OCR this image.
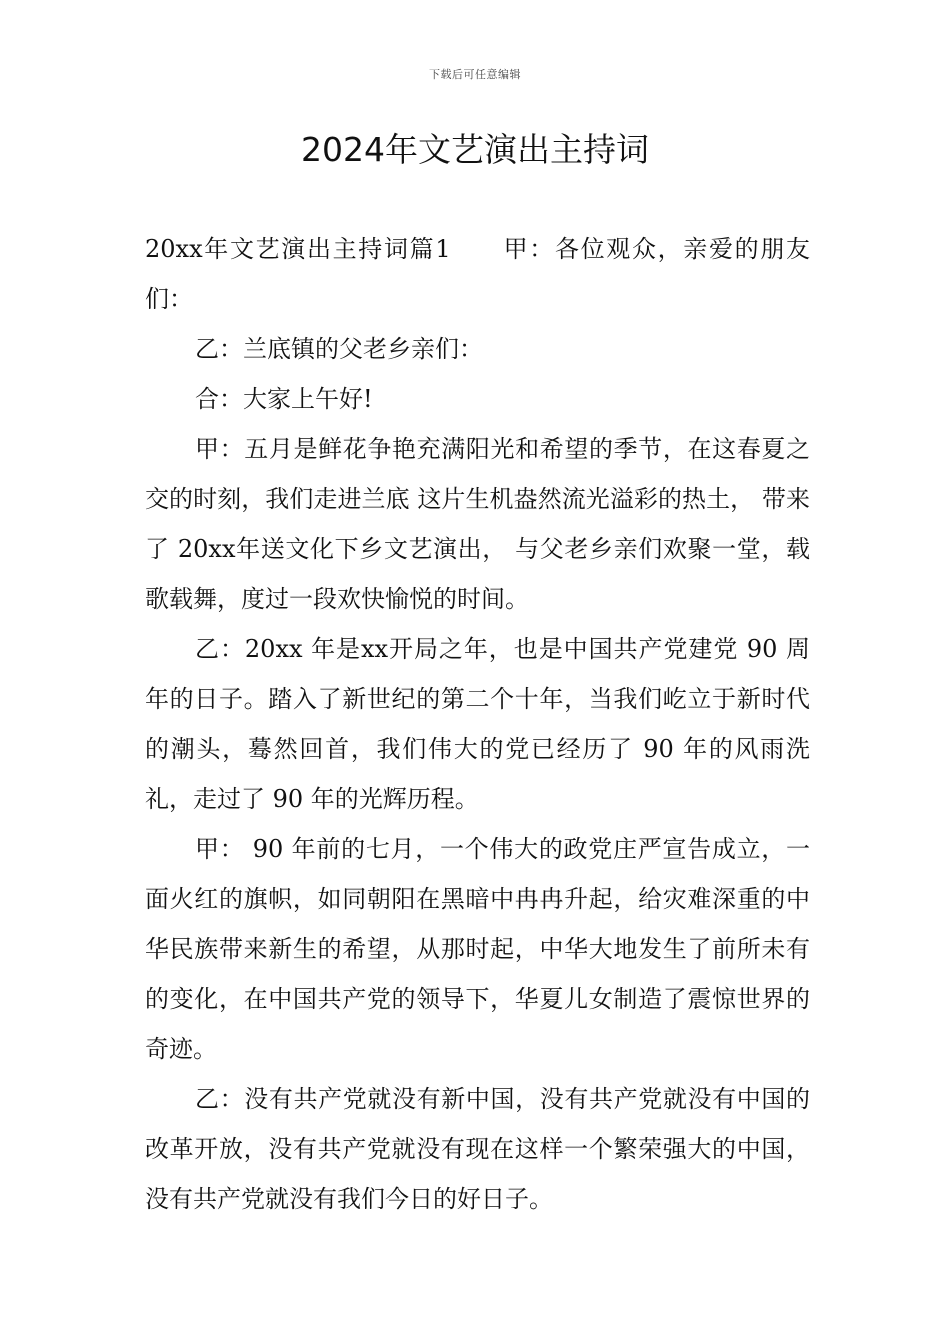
下载后可任意编辑
2024年文艺演出主持词

20xx年文艺演出主持词篇1　　甲：各位观众，亲爱的朋友们：

乙：兰底镇的父老乡亲们：

合：大家上午好!

甲：五月是鲜花争艳充满阳光和希望的季节，在这春夏之交的时刻，我们走进兰底 这片生机盎然流光溢彩的热土， 带来了 20xx年送文化下乡文艺演出， 与父老乡亲们欢聚一堂，载歌载舞，度过一段欢快愉悦的时间。

乙：20xx 年是xx开局之年，也是中国共产党建党 90 周年的日子。踏入了新世纪的第二个十年，当我们屹立于新时代的潮头，蓦然回首，我们伟大的党已经历了 90 年的风雨洗礼，走过了 90 年的光辉历程。

甲： 90 年前的七月，一个伟大的政党庄严宣告成立，一面火红的旗帜，如同朝阳在黑暗中冉冉升起，给灾难深重的中华民族带来新生的希望，从那时起，中华大地发生了前所未有的变化，在中国共产党的领导下，华夏儿女制造了震惊世界的奇迹。

乙：没有共产党就没有新中国，没有共产党就没有中国的改革开放，没有共产党就没有现在这样一个繁荣强大的中国，没有共产党就没有我们今日的好日子。
